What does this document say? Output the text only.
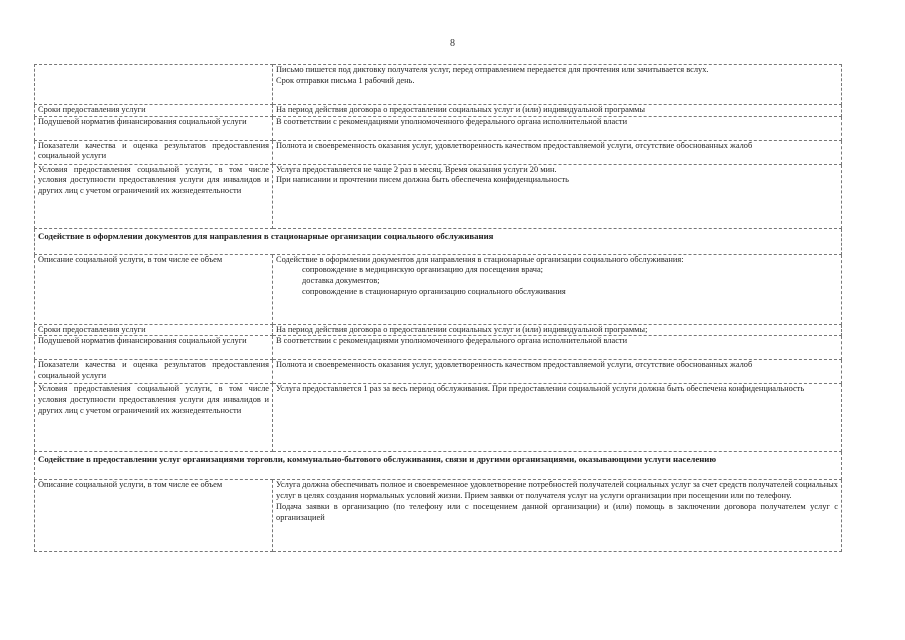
8

	Письмо пишется под диктовку получателя услуг, перед отправлением передается для прочтения или зачитывается вслух.
Срок отправки письма 1 рабочий день.

Сроки предоставления услуги	На период действия договора о предоставлении социальных услуг и (или) индивидуальной программы
Подушевой норматив финансирования социальной услуги	В соответствии с рекомендациями уполномоченного федерального органа исполнительной власти
Показатели качества и оценка результатов предоставления социальной услуги	Полнота и своевременность оказания услуг, удовлетворенность качеством предоставляемой услуги, отсутствие обоснованных жалоб
Условия предоставления социальной услуги, в том числе условия доступности предоставления услуги для инвалидов и других лиц с учетом ограничений их жизнедеятельности	Услуга предоставляется не чаще 2 раз в месяц. Время оказания услуги 20 мин.
При написании и прочтении писем должна быть обеспечена конфиденциальность

Содействие в оформлении документов для направления в стационарные организации социального обслуживания	
Описание социальной услуги, в том числе ее объем	Содействие в оформлении документов для направления в стационарные организации социального обслуживания:
сопровождение в медицинскую организацию для посещения врача;
доставка документов;
сопровождение в стационарную организацию социального обслуживания

Сроки предоставления услуги	На период действия договора о предоставлении социальных услуг и (или) индивидуальной программы;
Подушевой норматив финансирования социальной услуги	В соответствии с рекомендациями уполномоченного федерального органа исполнительной власти
Показатели качества и оценка результатов предоставления социальной услуги	Полнота и своевременность оказания услуг, удовлетворенность качеством предоставляемой услуги, отсутствие обоснованных жалоб
Условия предоставления социальной услуги, в том числе условия доступности предоставления услуги для инвалидов и других лиц с учетом ограничений их жизнедеятельности	Услуга предоставляется 1 раз за весь период обслуживания. При предоставлении социальной услуги должна быть обеспечена конфиденциальность
Содействие в предоставлении услуг организациями торговли, коммунально-бытового обслуживания, связи и другими организациями, оказывающими услуги населению	
Описание социальной услуги, в том числе ее объем	Услуга должна обеспечивать полное и своевременное удовлетворение потребностей получателей социальных услуг за счет средств получателей социальных услуг в целях создания нормальных условий жизни. Прием заявки от получателя услуг на услуги организации при посещении или по телефону.
Подача заявки в организацию (по телефону или с посещением данной организации) и (или) помощь в заключении договора получателем услуг с организацией
